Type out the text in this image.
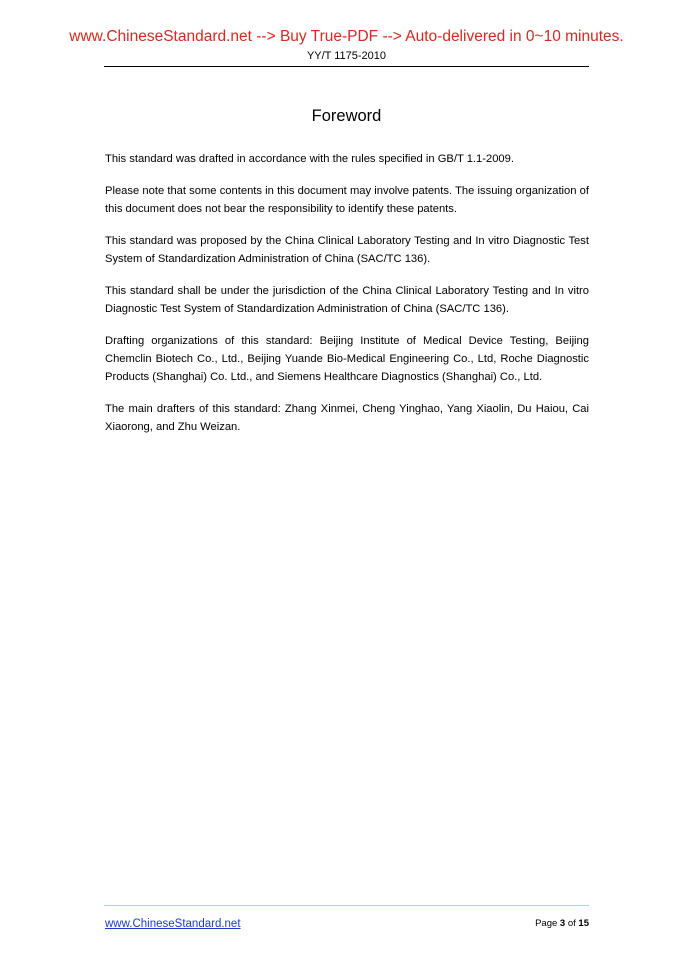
www.ChineseStandard.net --> Buy True-PDF --> Auto-delivered in 0~10 minutes.
YY/T 1175-2010
Foreword

This standard was drafted in accordance with the rules specified in GB/T 1.1-2009.

Please note that some contents in this document may involve patents. The issuing organization of this document does not bear the responsibility to identify these patents.

This standard was proposed by the China Clinical Laboratory Testing and In vitro Diagnostic Test System of Standardization Administration of China (SAC/TC 136).

This standard shall be under the jurisdiction of the China Clinical Laboratory Testing and In vitro Diagnostic Test System of Standardization Administration of China (SAC/TC 136).

Drafting organizations of this standard: Beijing Institute of Medical Device Testing, Beijing Chemclin Biotech Co., Ltd., Beijing Yuande Bio-Medical Engineering Co., Ltd, Roche Diagnostic Products (Shanghai) Co. Ltd., and Siemens Healthcare Diagnostics (Shanghai) Co., Ltd.

The main drafters of this standard: Zhang Xinmei, Cheng Yinghao, Yang Xiaolin, Du Haiou, Cai Xiaorong, and Zhu Weizan.

www.ChineseStandard.net	Page 3 of 15
